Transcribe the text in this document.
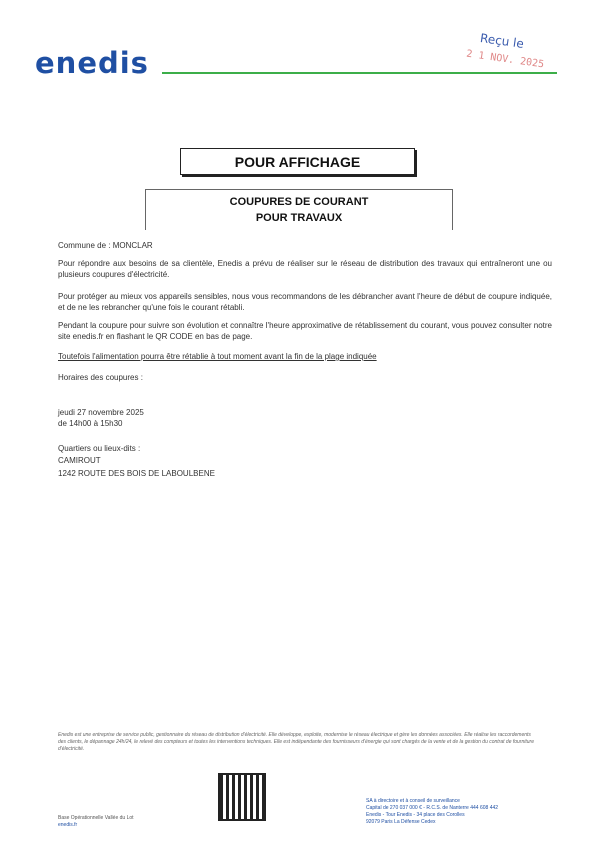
enedis
Reçu le
2 1 NOV. 2025
POUR AFFICHAGE
COUPURES DE COURANT
POUR TRAVAUX
Commune de : MONCLAR

Pour répondre aux besoins de sa clientèle, Enedis a prévu de réaliser sur le réseau de distribution des travaux qui entraîneront une ou plusieurs coupures d'électricité.

Pour protéger au mieux vos appareils sensibles, nous vous recommandons de les débrancher avant l'heure de début de coupure indiquée, et de ne les rebrancher qu'une fois le courant rétabli.

Pendant la coupure pour suivre son évolution et connaître l'heure approximative de rétablissement du courant, vous pouvez consulter notre site enedis.fr en flashant le QR CODE en bas de page.

Toutefois l'alimentation pourra être rétablie à tout moment avant la fin de la plage indiquée
Horaires des coupures :
jeudi 27 novembre 2025
de 14h00 à 15h30
Quartiers ou lieux-dits :
CAMIROUT
1242 ROUTE DES BOIS DE LABOULBENE
Enedis est une entreprise de service public, gestionnaire du réseau de distribution d'électricité. Elle développe, exploite, modernise le réseau électrique et gère les données associées. Elle réalise les raccordements des clients, le dépannage 24h/24, le relevé des compteurs et toutes les interventions techniques. Elle est indépendante des fournisseurs d'énergie qui sont chargés de la vente et de la gestion du contrat de fourniture d'électricité.
Base Opérationnelle Vallée du Lot
enedis.fr
SA à directoire et à conseil de surveillance
Capital de 270 037 000 € - R.C.S. de Nanterre 444 608 442
Enedis - Tour Enedis - 34 place des Corolles
92079 Paris La Défense Cedex
